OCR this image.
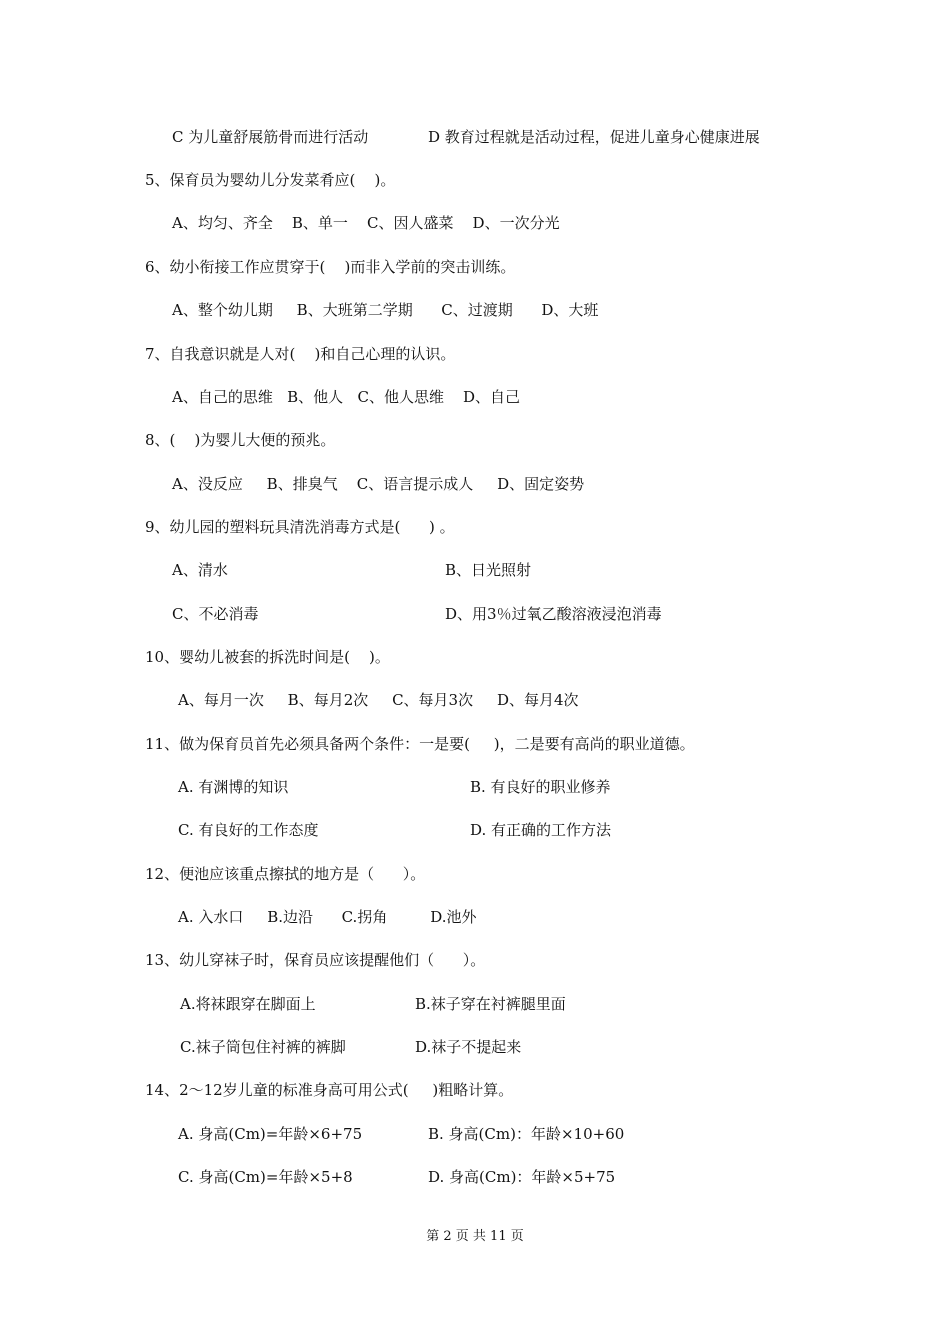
C 为儿童舒展筋骨而进行活动	D 教育过程就是活动过程，促进儿童身心健康进展
5、保育员为婴幼儿分发菜肴应(    )。
A、均匀、齐全    B、单一    C、因人盛菜    D、一次分光
6、幼小衔接工作应贯穿于(    )而非入学前的突击训练。
A、整个幼儿期     B、大班第二学期      C、过渡期      D、大班
7、自我意识就是人对(    )和自己心理的认识。
A、自己的思维   B、他人   C、他人思维    D、自己
8、(    )为婴儿大便的预兆。
A、没反应     B、排臭气    C、语言提示成人     D、固定姿势
9、幼儿园的塑料玩具清洗消毒方式是(      ) 。
A、清水	B、日光照射
C、不必消毒	D、用3％过氧乙酸溶液浸泡消毒
10、婴幼儿被套的拆洗时间是(    )。
A、每月一次     B、每月2次     C、每月3次     D、每月4次
11、做为保育员首先必须具备两个条件：一是要(     )，二是要有高尚的职业道德。
A. 有渊博的知识	B. 有良好的职业修养
C. 有良好的工作态度	D. 有正确的工作方法
12、便池应该重点擦拭的地方是（      ）。
A. 入水口     B.边沿      C.拐角         D.池外
13、幼儿穿袜子时，保育员应该提醒他们（      ）。
A.将袜跟穿在脚面上	B.袜子穿在衬裤腿里面
C.袜子筒包住衬裤的裤脚	D.袜子不提起来
14、2～12岁儿童的标准身高可用公式(     )粗略计算。
A. 身高(Cm)=年龄×6+75	B. 身高(Cm)：年龄×10+60
C. 身高(Cm)=年龄×5+8	D. 身高(Cm)：年龄×5+75
第 2 页 共 11 页
